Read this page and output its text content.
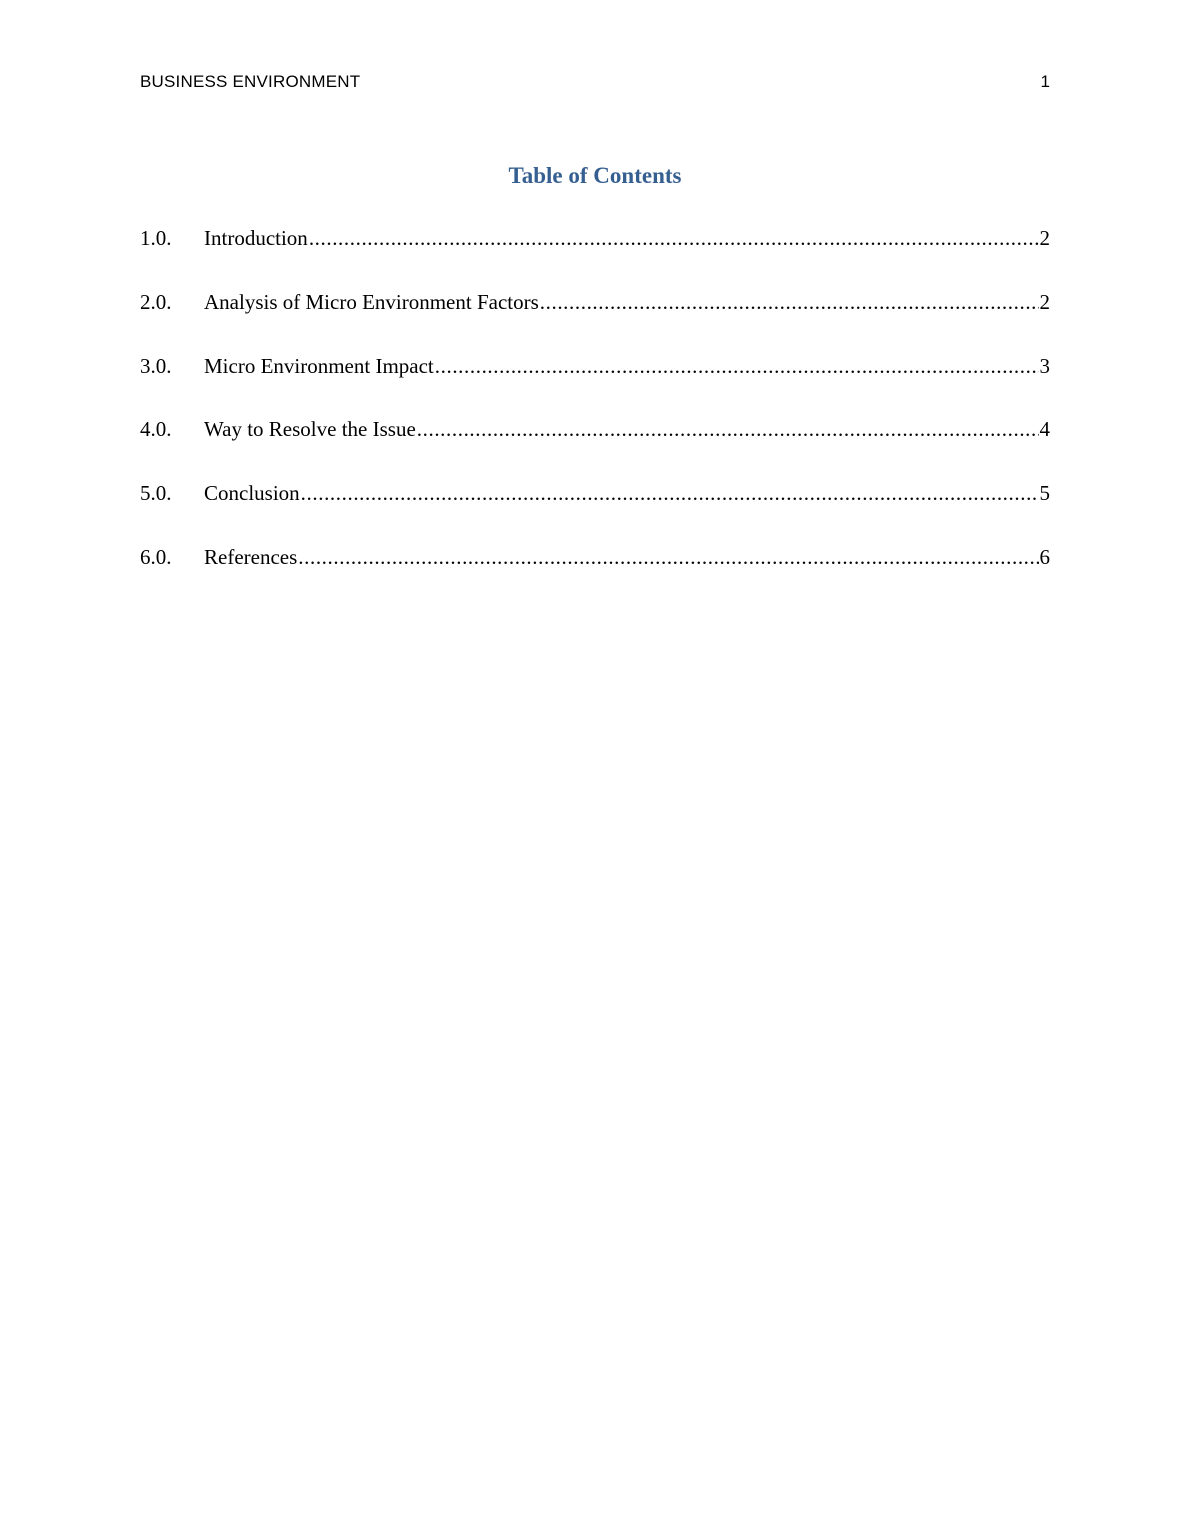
BUSINESS ENVIRONMENT	1
Table of Contents
1.0.	Introduction .....	2
2.0.	Analysis of Micro Environment Factors .....	2
3.0.	Micro Environment Impact .....	3
4.0.	Way to Resolve the Issue .....	4
5.0.	Conclusion .....	5
6.0.	References .....	6
